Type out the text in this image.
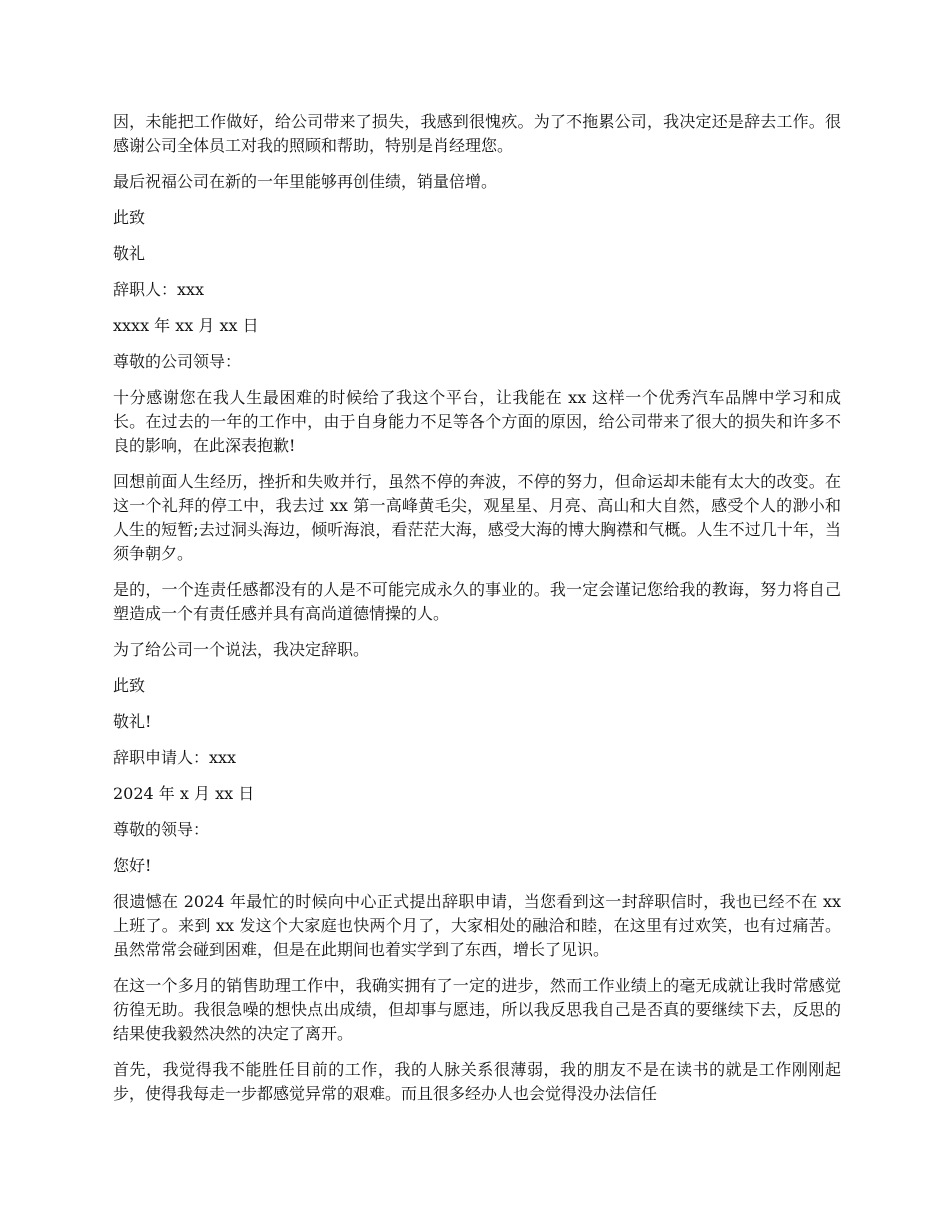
因，未能把工作做好，给公司带来了损失，我感到很愧疚。为了不拖累公司，我决定还是辞去工作。很感谢公司全体员工对我的照顾和帮助，特别是肖经理您。

最后祝福公司在新的一年里能够再创佳绩，销量倍增。

此致

敬礼

辞职人：xxx

xxxx 年 xx 月 xx 日

尊敬的公司领导：

十分感谢您在我人生最困难的时候给了我这个平台，让我能在 xx 这样一个优秀汽车品牌中学习和成长。在过去的一年的工作中，由于自身能力不足等各个方面的原因，给公司带来了很大的损失和许多不良的影响，在此深表抱歉!

回想前面人生经历，挫折和失败并行，虽然不停的奔波，不停的努力，但命运却未能有太大的改变。在这一个礼拜的停工中，我去过 xx 第一高峰黄毛尖，观星星、月亮、高山和大自然，感受个人的渺小和人生的短暂;去过洞头海边，倾听海浪，看茫茫大海，感受大海的博大胸襟和气概。人生不过几十年，当须争朝夕。

是的，一个连责任感都没有的人是不可能完成永久的事业的。我一定会谨记您给我的教诲，努力将自己塑造成一个有责任感并具有高尚道德情操的人。

为了给公司一个说法，我决定辞职。

此致

敬礼!

辞职申请人：xxx

2024 年 x 月 xx 日

尊敬的领导：

您好!

很遗憾在 2024 年最忙的时候向中心正式提出辞职申请，当您看到这一封辞职信时，我也已经不在 xx 上班了。来到 xx 发这个大家庭也快两个月了，大家相处的融洽和睦，在这里有过欢笑，也有过痛苦。虽然常常会碰到困难，但是在此期间也着实学到了东西，增长了见识。

在这一个多月的销售助理工作中，我确实拥有了一定的进步，然而工作业绩上的毫无成就让我时常感觉彷徨无助。我很急噪的想快点出成绩，但却事与愿违，所以我反思我自己是否真的要继续下去，反思的结果使我毅然决然的决定了离开。

首先，我觉得我不能胜任目前的工作，我的人脉关系很薄弱，我的朋友不是在读书的就是工作刚刚起步，使得我每走一步都感觉异常的艰难。而且很多经办人也会觉得没办法信任
